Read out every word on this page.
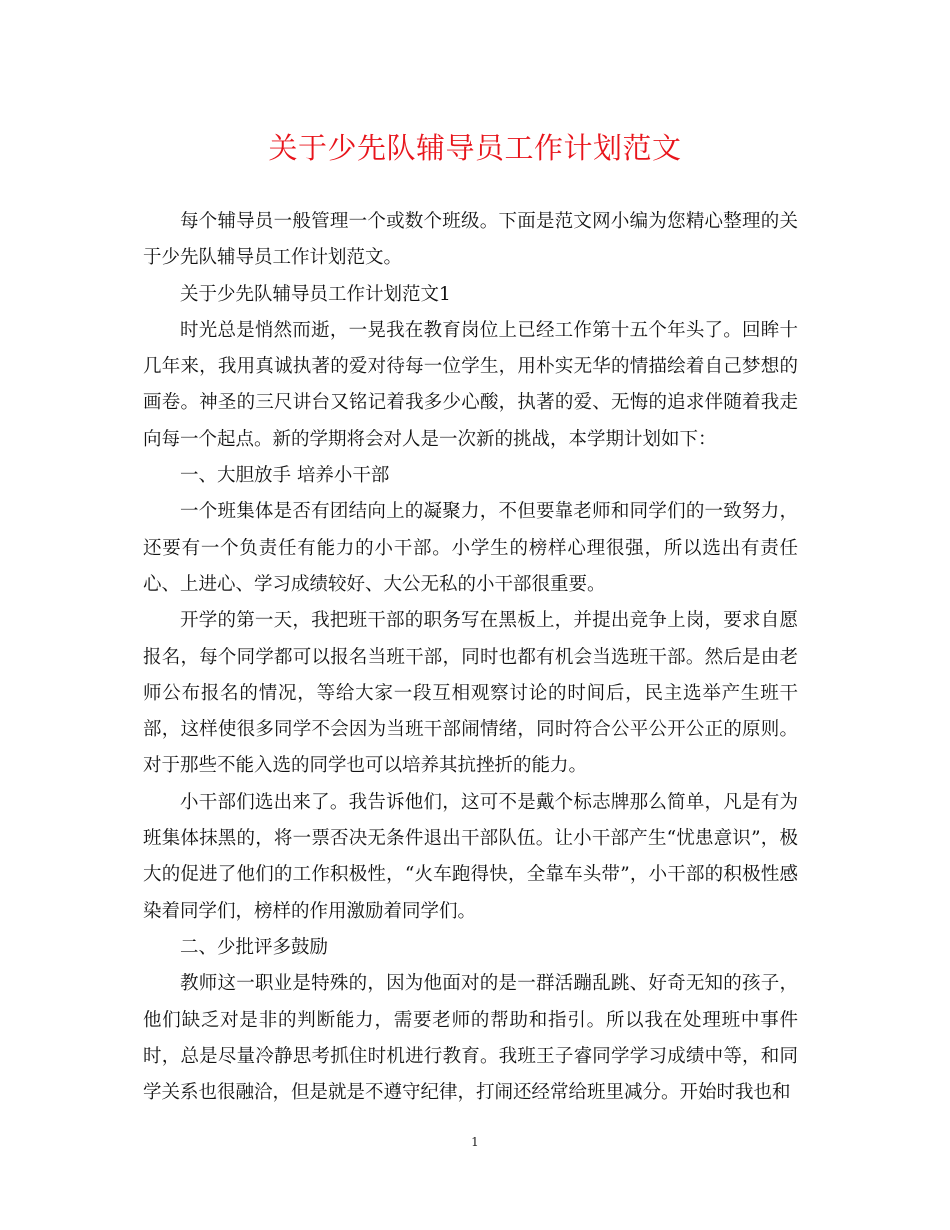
关于少先队辅导员工作计划范文

每个辅导员一般管理一个或数个班级。下面是范文网小编为您精心整理的关于少先队辅导员工作计划范文。

关于少先队辅导员工作计划范文1

时光总是悄然而逝，一晃我在教育岗位上已经工作第十五个年头了。回眸十几年来，我用真诚执著的爱对待每一位学生，用朴实无华的情描绘着自己梦想的画卷。神圣的三尺讲台又铭记着我多少心酸，执著的爱、无悔的追求伴随着我走向每一个起点。新的学期将会对人是一次新的挑战，本学期计划如下：

一、大胆放手 培养小干部

一个班集体是否有团结向上的凝聚力，不但要靠老师和同学们的一致努力，还要有一个负责任有能力的小干部。小学生的榜样心理很强，所以选出有责任心、上进心、学习成绩较好、大公无私的小干部很重要。

开学的第一天，我把班干部的职务写在黑板上，并提出竞争上岗，要求自愿报名，每个同学都可以报名当班干部，同时也都有机会当选班干部。然后是由老师公布报名的情况，等给大家一段互相观察讨论的时间后，民主选举产生班干部，这样使很多同学不会因为当班干部闹情绪，同时符合公平公开公正的原则。对于那些不能入选的同学也可以培养其抗挫折的能力。

小干部们选出来了。我告诉他们，这可不是戴个标志牌那么简单，凡是有为班集体抹黑的，将一票否决无条件退出干部队伍。让小干部产生“忧患意识”，极大的促进了他们的工作积极性，“火车跑得快，全靠车头带”，小干部的积极性感染着同学们，榜样的作用激励着同学们。

二、少批评多鼓励

教师这一职业是特殊的，因为他面对的是一群活蹦乱跳、好奇无知的孩子，他们缺乏对是非的判断能力，需要老师的帮助和指引。所以我在处理班中事件时，总是尽量冷静思考抓住时机进行教育。我班王子睿同学学习成绩中等，和同学关系也很融洽，但是就是不遵守纪律，打闹还经常给班里减分。开始时我也和

1
